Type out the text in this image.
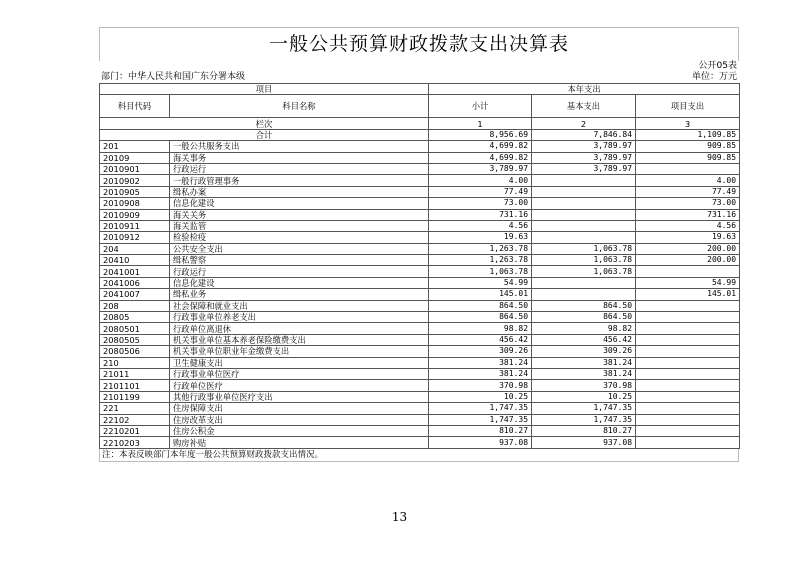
一般公共预算财政拨款支出决算表
公开05表
部门：中华人民共和国广东分署本级	单位：万元
项目		本年支出		
科目代码	科目名称	小计	基本支出	项目支出
栏次		1	2	3
合计		8,956.69	7,846.84	1,109.85
201	一般公共服务支出	4,699.82	3,789.97	909.85
20109	海关事务	4,699.82	3,789.97	909.85
2010901	行政运行	3,789.97	3,789.97	
2010902	一般行政管理事务	4.00		4.00
2010905	缉私办案	77.49		77.49
2010908	信息化建设	73.00		73.00
2010909	海关关务	731.16		731.16
2010911	海关监管	4.56		4.56
2010912	检验检疫	19.63		19.63
204	公共安全支出	1,263.78	1,063.78	200.00
20410	缉私警察	1,263.78	1,063.78	200.00
2041001	行政运行	1,063.78	1,063.78	
2041006	信息化建设	54.99		54.99
2041007	缉私业务	145.01		145.01
208	社会保障和就业支出	864.50	864.50	
20805	行政事业单位养老支出	864.50	864.50	
2080501	行政单位离退休	98.82	98.82	
2080505	机关事业单位基本养老保险缴费支出	456.42	456.42	
2080506	机关事业单位职业年金缴费支出	309.26	309.26	
210	卫生健康支出	381.24	381.24	
21011	行政事业单位医疗	381.24	381.24	
2101101	行政单位医疗	370.98	370.98	
2101199	其他行政事业单位医疗支出	10.25	10.25	
221	住房保障支出	1,747.35	1,747.35	
22102	住房改革支出	1,747.35	1,747.35	
2210201	住房公积金	810.27	810.27	
2210203	购房补贴	937.08	937.08	
注：本表反映部门本年度一般公共预算财政拨款支出情况。
13
